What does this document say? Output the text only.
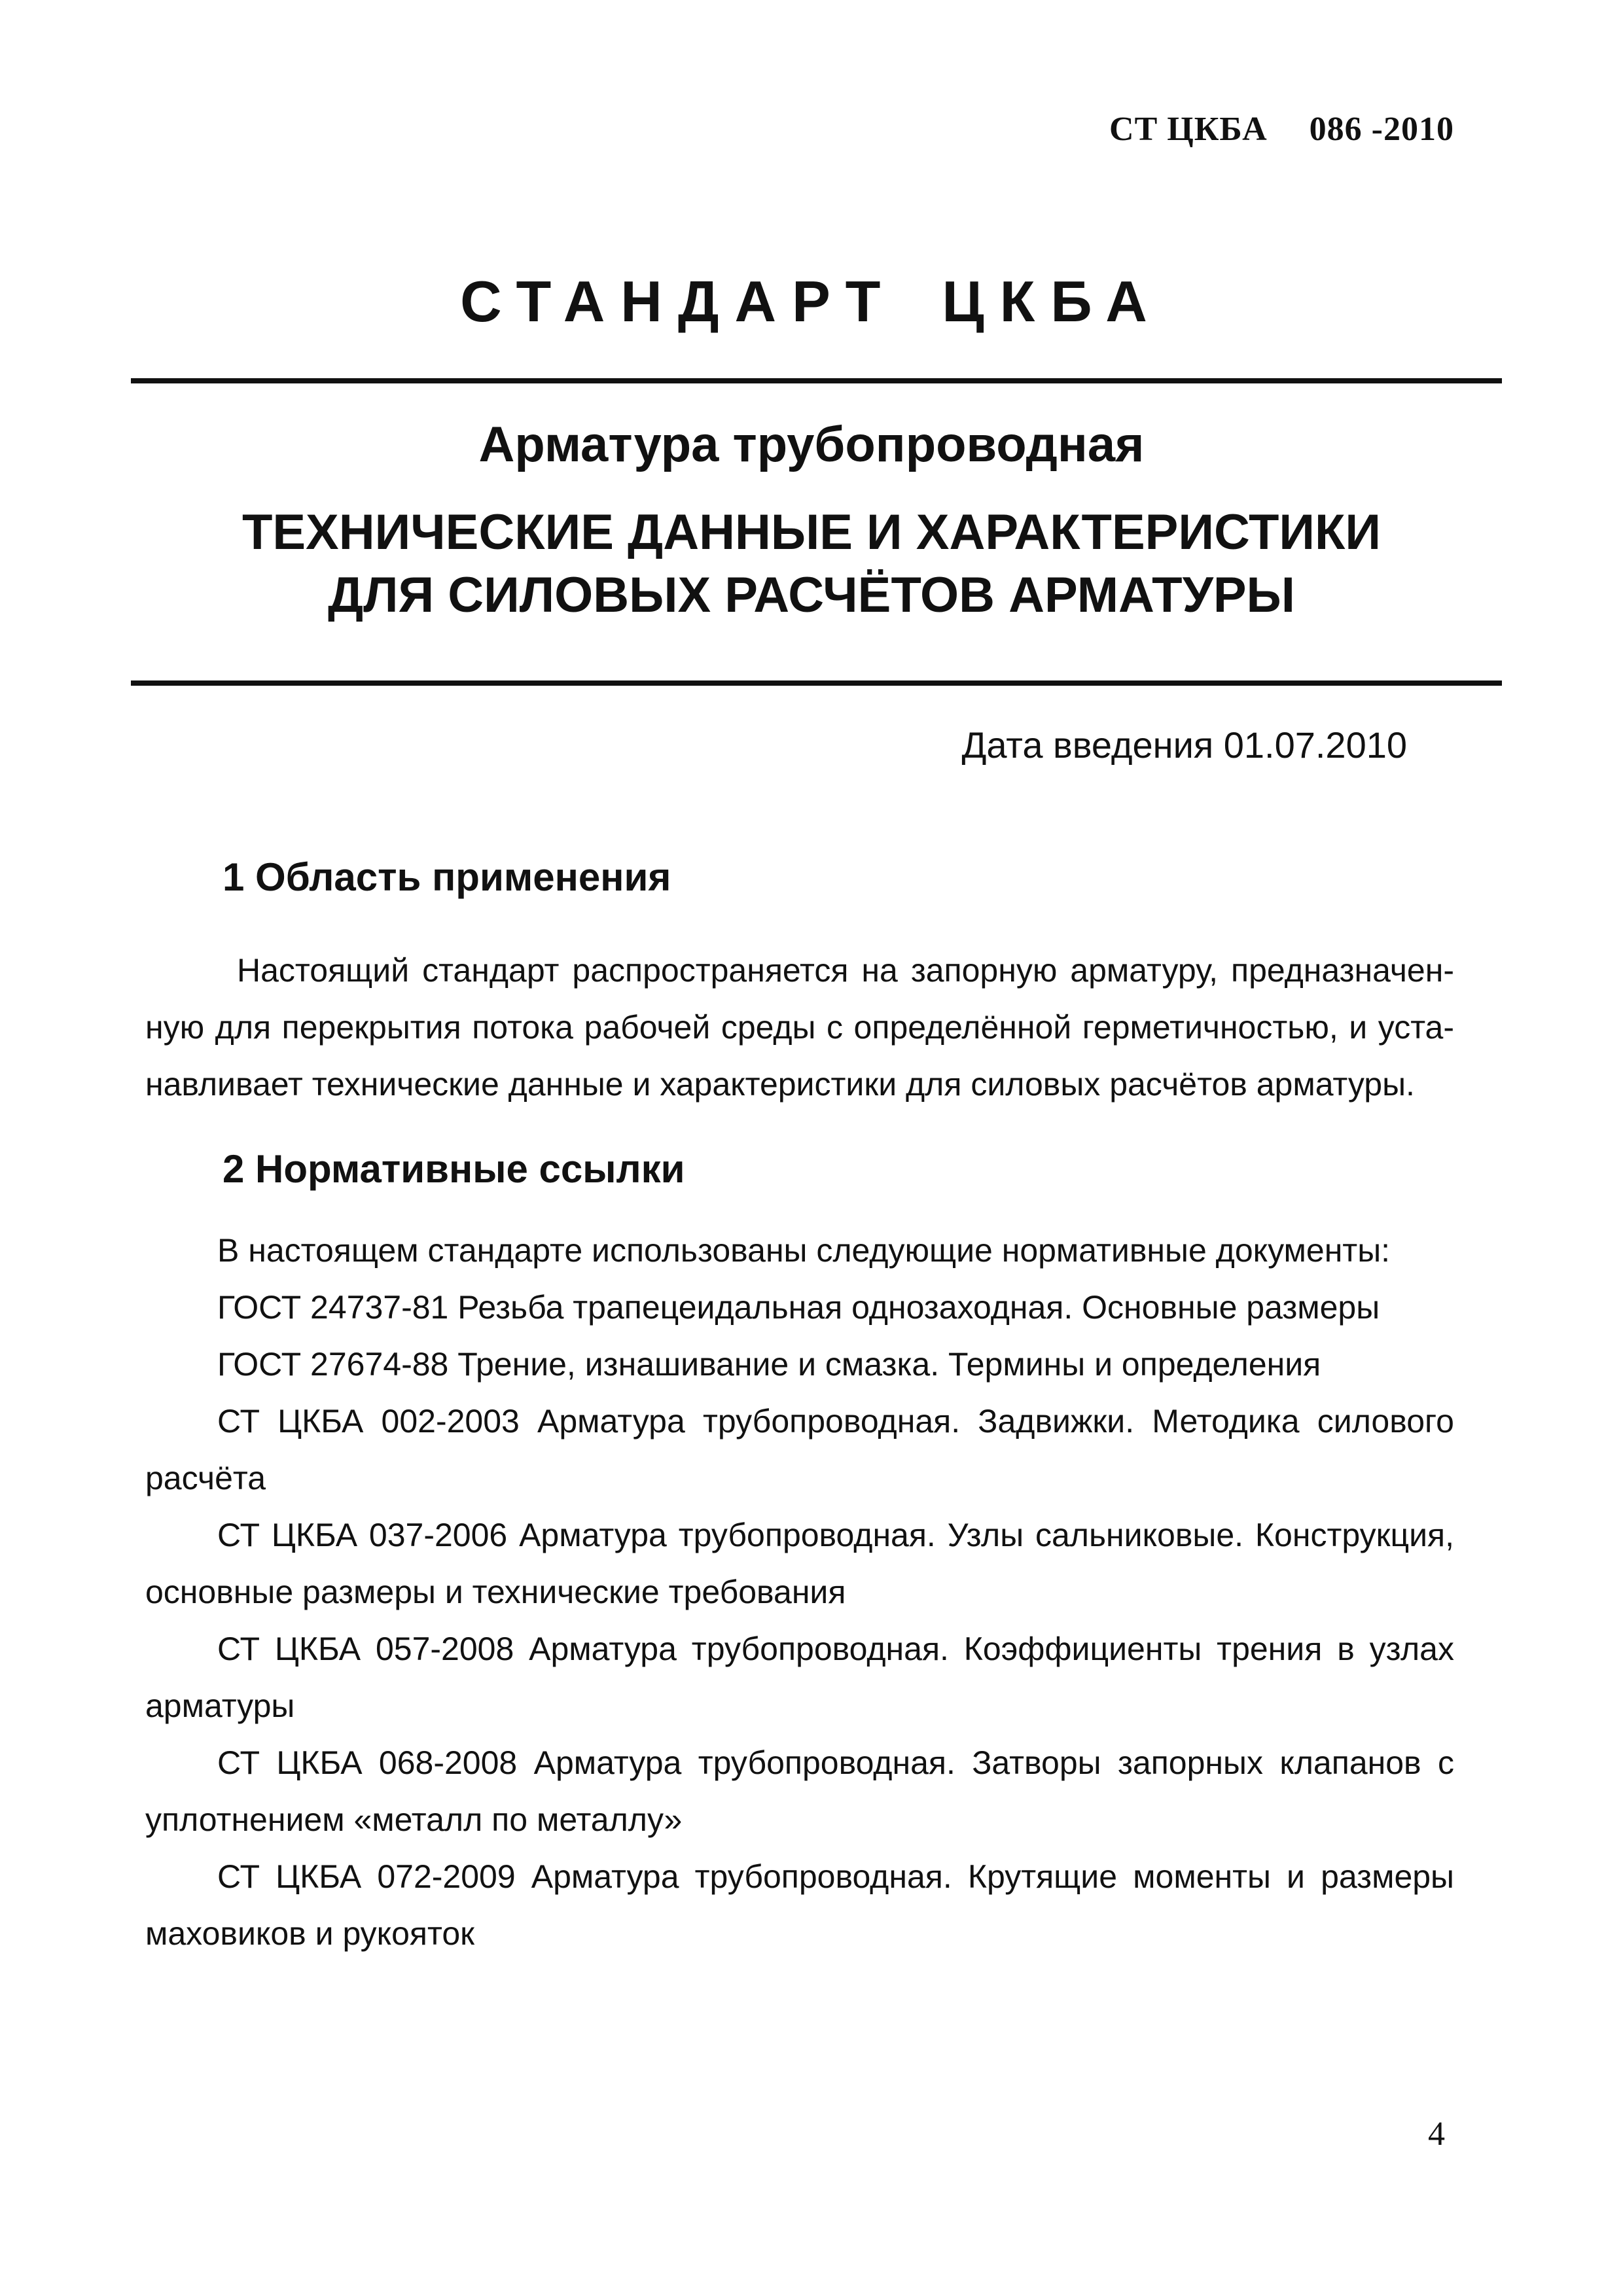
СТ ЦКБА 086 -2010
СТАНДАРТ ЦКБА
Арматура трубопроводная
ТЕХНИЧЕСКИЕ ДАННЫЕ И ХАРАКТЕРИСТИКИ
ДЛЯ СИЛОВЫХ РАСЧЁТОВ АРМАТУРЫ
Дата введения 01.07.2010
1 Область применения

Настоящий стандарт распространяется на запорную арматуру, предназначенную для перекрытия потока рабочей среды с определённой герметичностью, и устанавливает технические данные и характеристики для силовых расчётов арматуры.

2 Нормативные ссылки

В настоящем стандарте использованы следующие нормативные документы:

ГОСТ 24737-81 Резьба трапецеидальная однозаходная. Основные размеры

ГОСТ 27674-88 Трение, изнашивание и смазка. Термины и определения

СТ ЦКБА 002-2003 Арматура трубопроводная. Задвижки. Методика силового расчёта

СТ ЦКБА 037-2006 Арматура трубопроводная. Узлы сальниковые. Конструкция, основные размеры и технические требования

СТ ЦКБА 057-2008 Арматура трубопроводная. Коэффициенты трения в узлах арматуры

СТ ЦКБА 068-2008 Арматура трубопроводная. Затворы запорных клапанов с уплотнением «металл по металлу»

СТ ЦКБА 072-2009 Арматура трубопроводная. Крутящие моменты и размеры маховиков и рукояток

4
